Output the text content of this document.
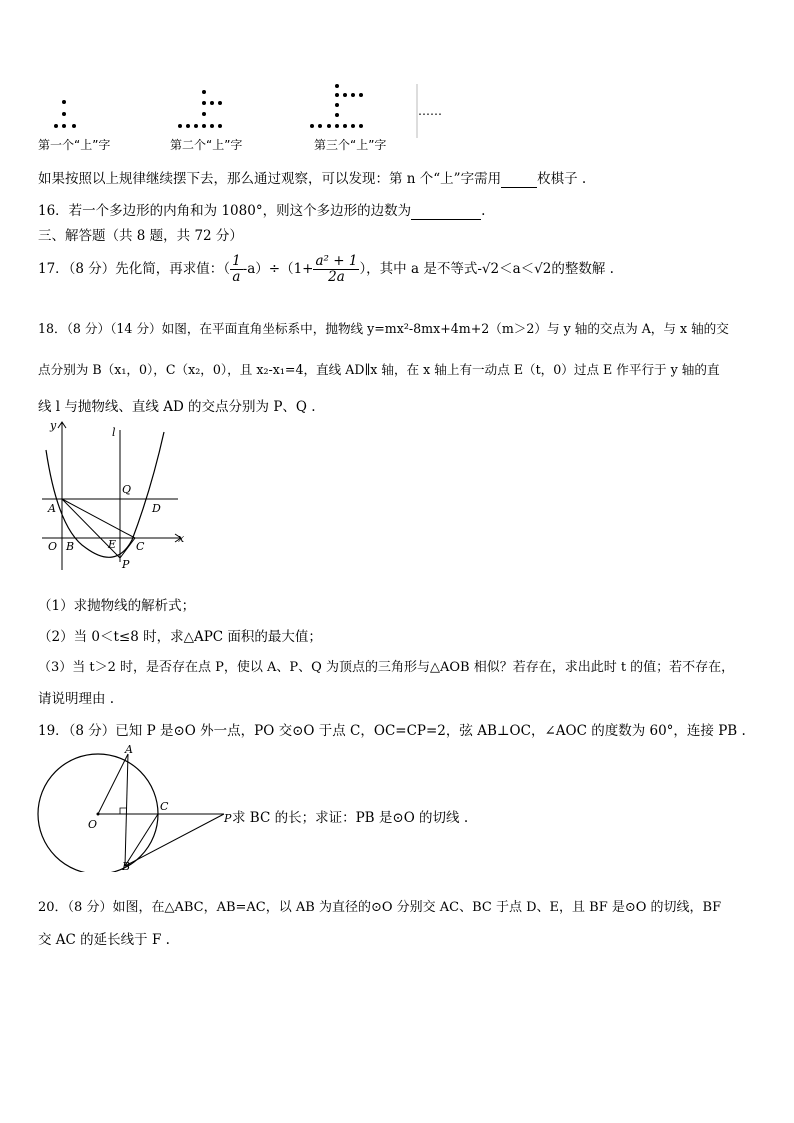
……
第一个“上”字	第二个“上”字	第三个“上”字
如果按照以上规律继续摆下去，那么通过观察，可以发现：第 n 个“上”字需用	枚棋子 .
16．若一个多边形的内角和为 1080°，则这个多边形的边数为	.
三、解答题（共 8 题，共 72 分）
17．（8 分）先化简，再求值：（ $\frac{1}{a} -a)\div(1+ \frac{\text{a² + 1}}{2a}$ ），其中 a 是不等式-√2＜a＜√2的整数解 .
18．（8 分）（14 分）如图，在平面直角坐标系中，抛物线 y=mx²-8mx+4m+2（m＞2）与 y 轴的交点为 A，与 x 轴的交
点分别为 B（x₁，0），C（x₂，0），且 x₂-x₁=4，直线 AD∥x 轴，在 x 轴上有一动点 E（t，0）过点 E 作平行于 y 轴的直
线 l 与抛物线、直线 AD 的交点分别为 P、Q .
y
l
Q
A	D
O B	E C
x
P
（1）求抛物线的解析式；
（2）当 0＜t≤8 时，求△APC 面积的最大值；
（3）当 t＞2 时，是否存在点 P，使以 A、P、Q 为顶点的三角形与△AOB 相似？若存在，求出此时 t 的值；若不存在，
请说明理由 .
19．（8 分）已知 P 是⊙O 外一点，PO 交⊙O 于点 C，OC=CP=2，弦 AB⊥OC，∠AOC 的度数为 60°，连接 PB .
A
O
C
P
B
求 BC 的长；求证：PB 是⊙O 的切线 .
20．（8 分）如图，在△ABC，AB=AC，以 AB 为直径的⊙O 分别交 AC、BC 于点 D、E，且 BF 是⊙O 的切线，BF
交 AC 的延长线于 F .
